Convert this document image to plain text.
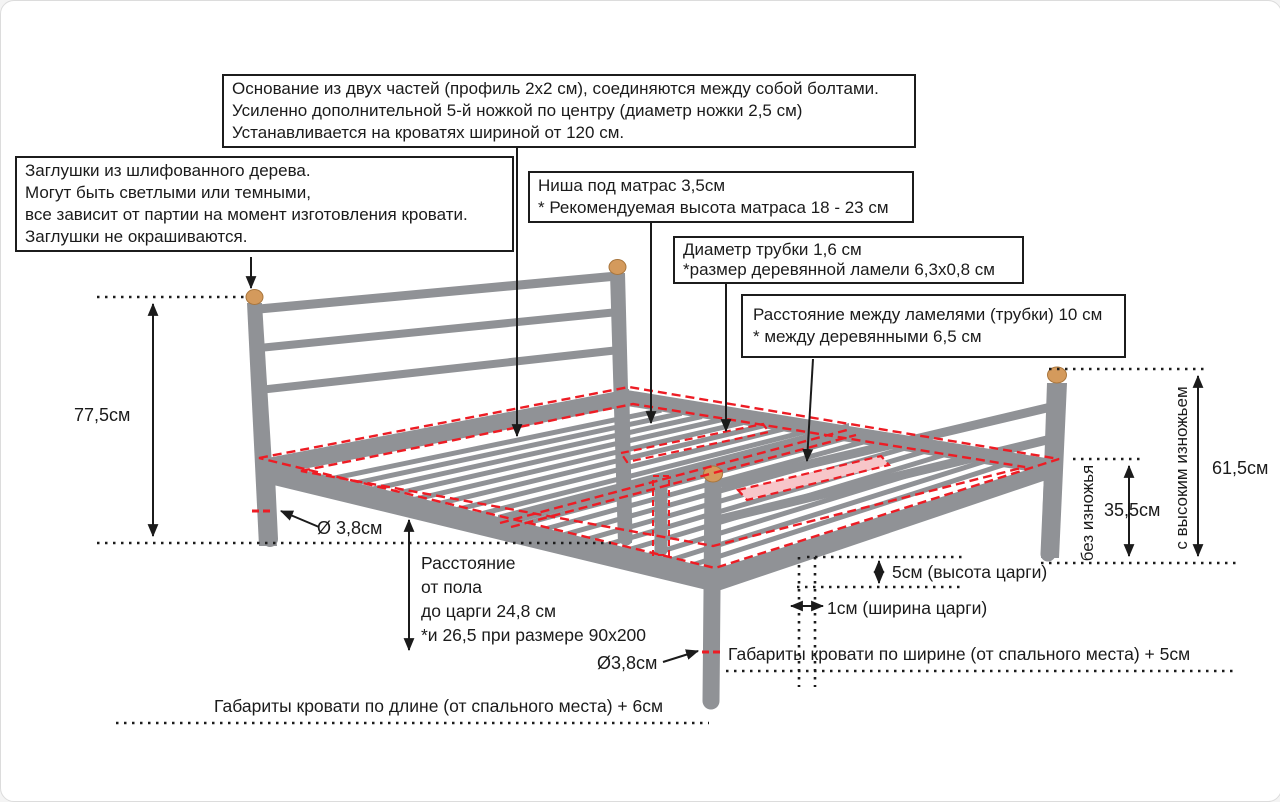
Основание из двух частей (профиль 2х2 см), соединяются между собой болтами.
Усиленно дополнительной 5-й ножкой по центру (диаметр ножки 2,5 см)
Устанавливается на кроватях шириной от 120 см.
Заглушки из шлифованного дерева.
Могут быть светлыми или темными,
все зависит от партии на момент изготовления кровати.
Заглушки не окрашиваются.
Ниша под матрас 3,5см
* Рекомендуемая высота матраса 18 - 23 см
Диаметр трубки 1,6 см
*размер деревянной ламели 6,3х0,8 см
Расстояние между ламелями (трубки) 10 см
* между деревянными 6,5 см
77,5см
Ø 3,8см
Расстояние
от пола
до царги 24,8 см
*и 26,5 при размере 90х200
Ø3,8см	Габариты кровати по ширине (от спального места) + 5см
Габариты кровати по длине (от спального места) + 6см
61,5см
35,5см с высоким изножьем
без изножья
5см (высота царги)
1см (ширина царги)
